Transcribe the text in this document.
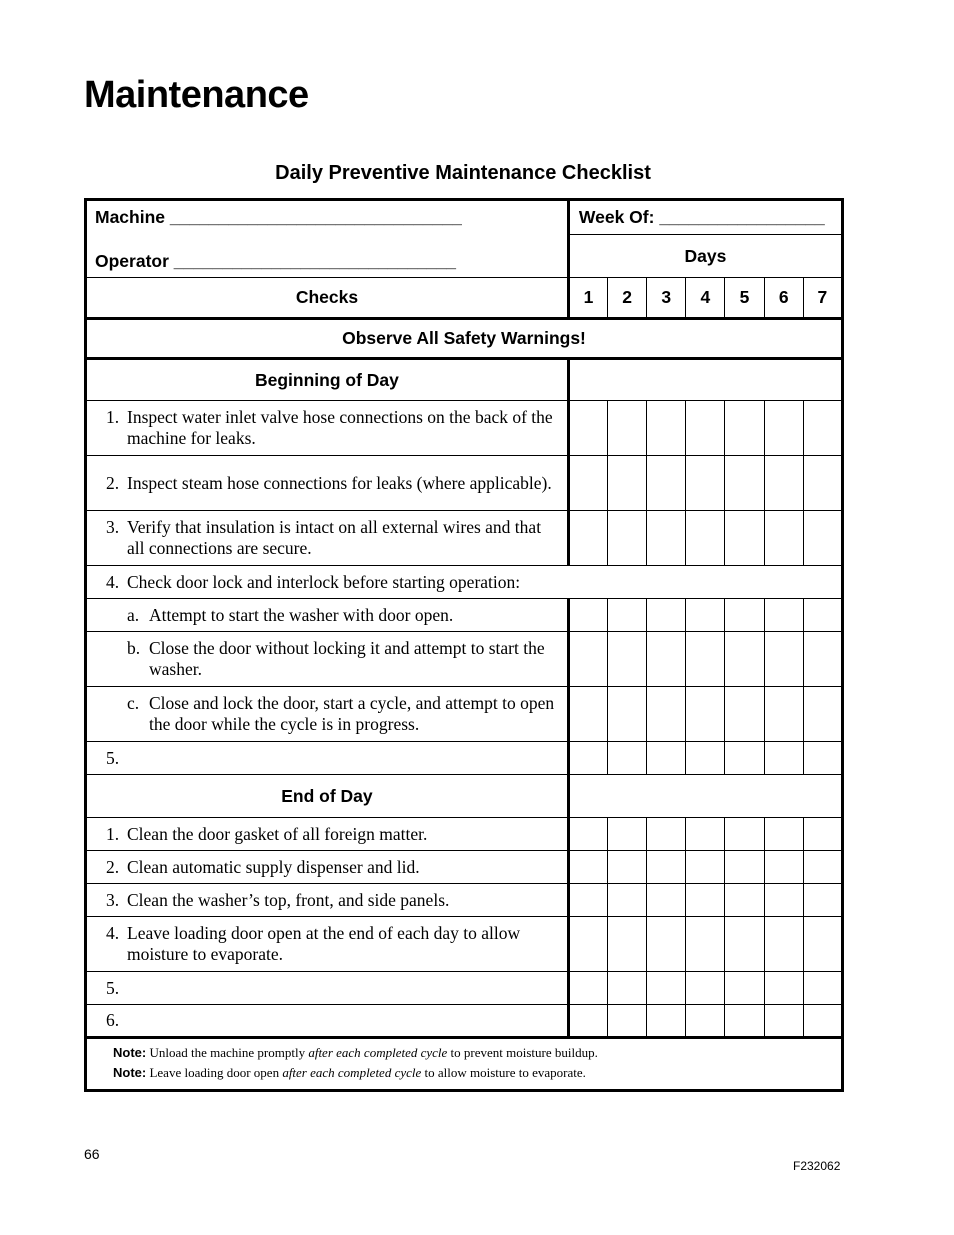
Maintenance
Daily Preventive Maintenance Checklist
Machine ______________________________
Operator _____________________________	Week Of: _________________						
	Days						
Checks	1	2	3	4	5	6	7
Observe All Safety Warnings!							
Beginning of Day							

1. Inspect water inlet valve hose connections on the back of the machine for leaks.							

2. Inspect steam hose connections for leaks (where applicable).							

3. Verify that insulation is intact on all external wires and that all connections are secure.							

4. Check door lock and interlock before starting operation:							

a. Attempt to start the washer with door open.							

b. Close the door without locking it and attempt to start the washer.							

c. Close and lock the door, start a cycle, and attempt to open the door while the cycle is in progress.							

5.							

End of Day							

1. Clean the door gasket of all foreign matter.							

2. Clean automatic supply dispenser and lid.							

3. Clean the washer’s top, front, and side panels.							

4. Leave loading door open at the end of each day to allow moisture to evaporate.							

5.							

6.							

Note: Unload the machine promptly after each completed cycle to prevent moisture buildup.
Note: Leave loading door open after each completed cycle to allow moisture to evaporate.							
66
F232062
